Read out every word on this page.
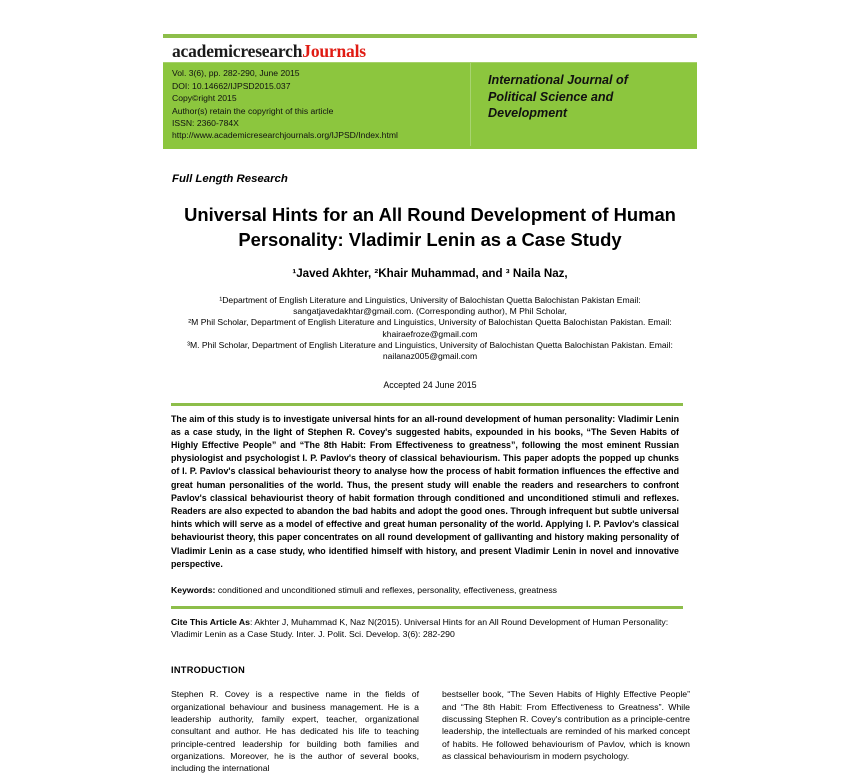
academicresearchJournals
Vol. 3(6), pp. 282-290, June 2015
DOI: 10.14662/IJPSD2015.037
Copy©right 2015
Author(s) retain the copyright of this article
ISSN: 2360-784X
http://www.academicresearchjournals.org/IJPSD/Index.html
International Journal of
Political Science and
Development
Full Length Research
Universal Hints for an All Round Development of Human Personality: Vladimir Lenin as a Case Study
¹Javed Akhter, ²Khair Muhammad, and ³ Naila Naz,
¹Department of English Literature and Linguistics, University of Balochistan Quetta Balochistan Pakistan Email: sangatjavedakhtar@gmail.com. (Corresponding author), M Phil Scholar,
²M Phil Scholar, Department of English Literature and Linguistics, University of Balochistan Quetta Balochistan Pakistan. Email: khairaefroze@gmail.com
³M. Phil Scholar, Department of English Literature and Linguistics, University of Balochistan Quetta Balochistan Pakistan. Email: nailanaz005@gmail.com
Accepted 24 June 2015
The aim of this study is to investigate universal hints for an all-round development of human personality: Vladimir Lenin as a case study, in the light of Stephen R. Covey's suggested habits, expounded in his books, “The Seven Habits of Highly Effective People” and “The 8th Habit: From Effectiveness to greatness”, following the most eminent Russian physiologist and psychologist I. P. Pavlov's theory of classical behaviourism. This paper adopts the popped up chunks of I. P. Pavlov's classical behaviourist theory to analyse how the process of habit formation influences the effective and great human personalities of the world. Thus, the present study will enable the readers and researchers to confront Pavlov's classical behaviourist theory of habit formation through conditioned and unconditioned stimuli and reflexes. Readers are also expected to abandon the bad habits and adopt the good ones. Through infrequent but subtle universal hints which will serve as a model of effective and great human personality of the world. Applying I. P. Pavlov's classical behaviourist theory, this paper concentrates on all round development of gallivanting and history making personality of Vladimir Lenin as a case study, who identified himself with history, and present Vladimir Lenin in novel and innovative perspective.
Keywords: conditioned and unconditioned stimuli and reflexes, personality, effectiveness, greatness
Cite This Article As: Akhter J, Muhammad K, Naz N(2015). Universal Hints for an All Round Development of Human Personality: Vladimir Lenin as a Case Study. Inter. J. Polit. Sci. Develop. 3(6): 282-290
INTRODUCTION

Stephen R. Covey is a respective name in the fields of organizational behaviour and business management. He is a leadership authority, family expert, teacher, organizational consultant and author. He has dedicated his life to teaching principle-centred leadership for building both families and organizations. Moreover, he is the author of several books, including the international

bestseller book, “The Seven Habits of Highly Effective People” and “The 8th Habit: From Effectiveness to Greatness”. While discussing Stephen R. Covey's contribution as a principle-centre leadership, the intellectuals are reminded of his marked concept of habits. He followed behaviourism of Pavlov, which is known as classical behaviourism in modern psychology.
